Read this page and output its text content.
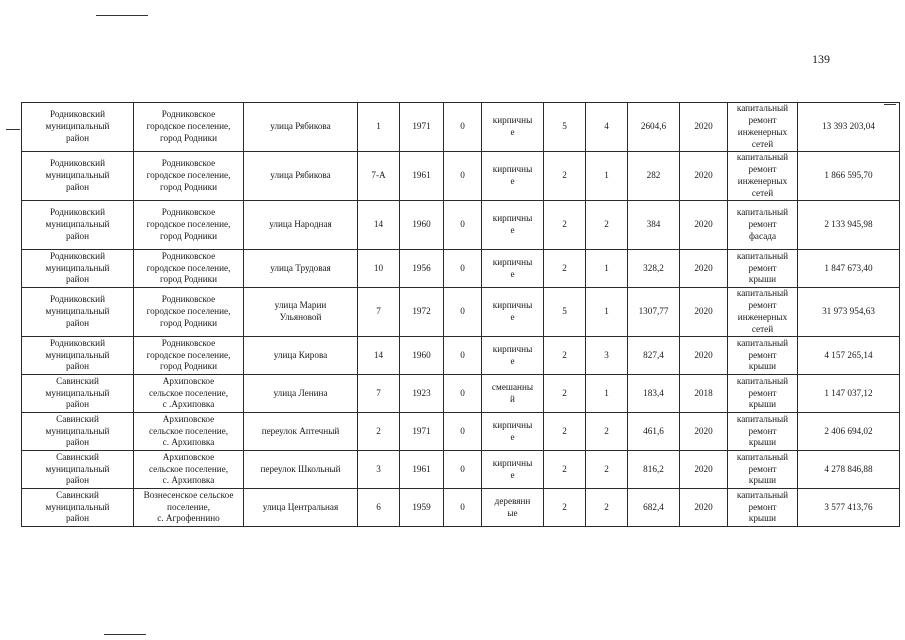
139
Родниковский
муниципальный
район	Родниковское
городское поселение,
город Родники	улица Рябикова	1	1971	0	кирпичны
е	5	4	2604,6	2020	капитальный
ремонт
инженерных
сетей	13 393 203,04
Родниковский
муниципальный
район	Родниковское
городское поселение,
город Родники	улица Рябикова	7-А	1961	0	кирпичны
е	2	1	282	2020	капитальный
ремонт
инженерных
сетей	1 866 595,70
Родниковский
муниципальный
район	Родниковское
городское поселение,
город Родники	улица Народная	14	1960	0	кирпичны
е	2	2	384	2020	капитальный
ремонт
фасада	2 133 945,98
Родниковский
муниципальный
район	Родниковское
городское поселение,
город Родники	улица Трудовая	10	1956	0	кирпичны
е	2	1	328,2	2020	капитальный
ремонт
крыши	1 847 673,40
Родниковский
муниципальный
район	Родниковское
городское поселение,
город Родники	улица Марии
Ульяновой	7	1972	0	кирпичны
е	5	1	1307,77	2020	капитальный
ремонт
инженерных
сетей	31 973 954,63
Родниковский
муниципальный
район	Родниковское
городское поселение,
город Родники	улица Кирова	14	1960	0	кирпичны
е	2	3	827,4	2020	капитальный
ремонт
крыши	4 157 265,14
Савинский
муниципальный
район	Архиповское
сельское поселение,
с .Архиповка	улица Ленина	7	1923	0	смешанны
й	2	1	183,4	2018	капитальный
ремонт
крыши	1 147 037,12
Савинский
муниципальный
район	Архиповское
сельское поселение,
с. Архиповка	переулок Аптечный	2	1971	0	кирпичны
е	2	2	461,6	2020	капитальный
ремонт
крыши	2 406 694,02
Савинский
муниципальный
район	Архиповское
сельское поселение,
с. Архиповка	переулок Школьный	3	1961	0	кирпичны
е	2	2	816,2	2020	капитальный
ремонт
крыши	4 278 846,88
Савинский
муниципальный
район	Вознесенское сельское
поселение,
с. Агрофеннино	улица Центральная	6	1959	0	деревянн
ые	2	2	682,4	2020	капитальный
ремонт
крыши	3 577 413,76
